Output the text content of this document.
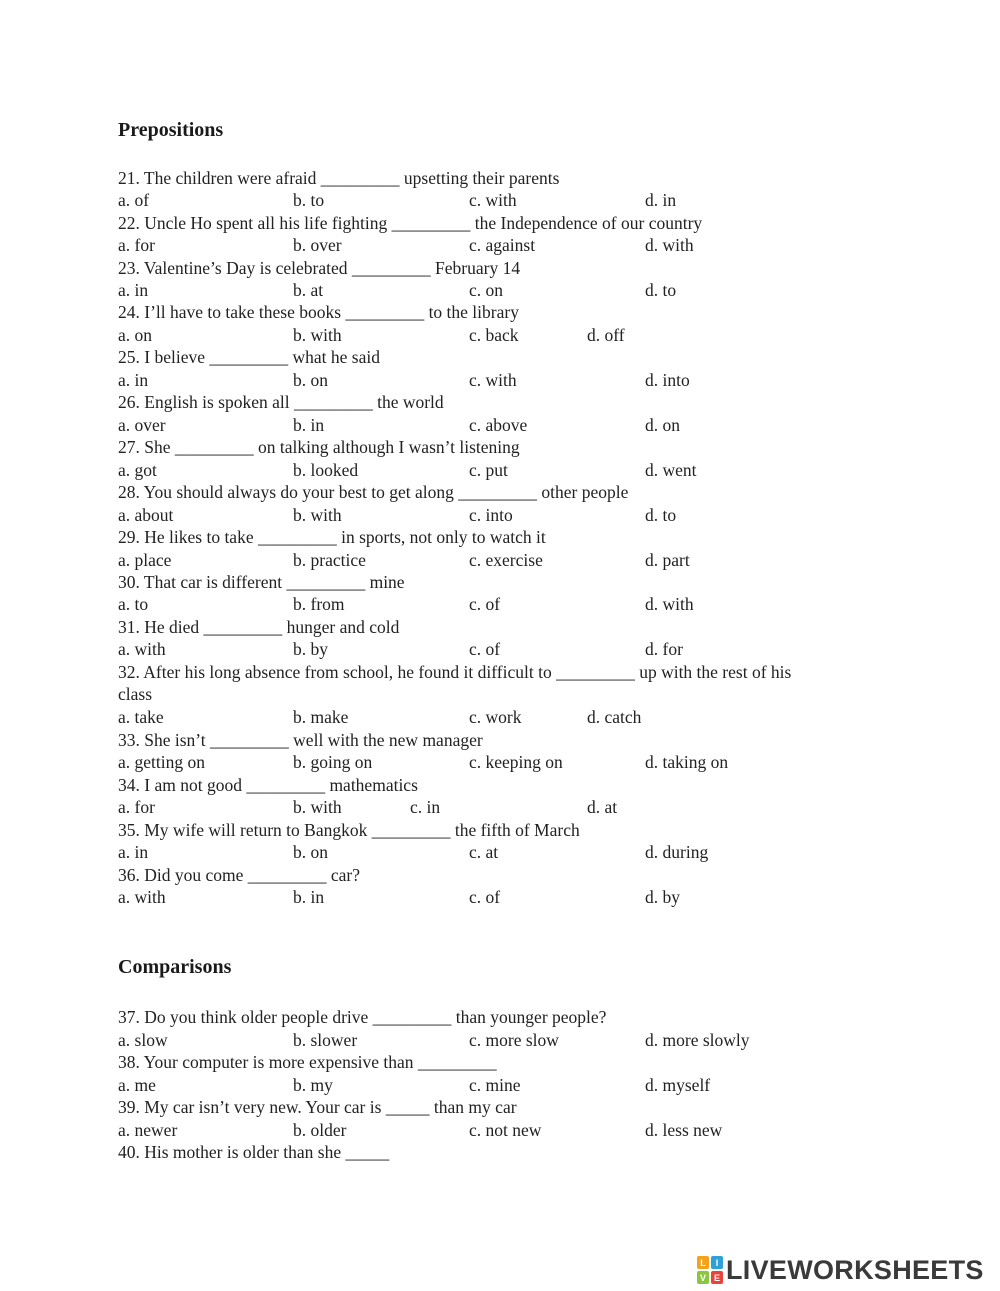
Prepositions
21. The children were afraid _________ upsetting their parents
a. of	b. to	c. with	d. in
22. Uncle Ho spent all his life fighting _________ the Independence of our country
a. for	b. over	c. against	d. with
23. Valentine’s Day is celebrated _________ February 14
a. in	b. at	c. on	d. to
24. I’ll have to take these books _________ to the library
a. on	b. with	c. back	d. off
25. I believe _________ what he said
a. in	b. on	c. with	d. into
26. English is spoken all _________ the world
a. over	b. in	c. above	d. on
27. She _________ on talking although I wasn’t listening
a. got	b. looked	c. put	d. went
28. You should always do your best to get along _________ other people
a. about	b. with	c. into	d. to
29. He likes to take _________ in sports, not only to watch it
a. place	b. practice	c. exercise	d. part
30. That car is different _________ mine
a. to	b. from	c. of	d. with
31. He died _________ hunger and cold
a. with	b. by	c. of	d. for
32. After his long absence from school, he found it difficult to _________ up with the rest of his
class
a. take	b. make	c. work	d. catch
33. She isn’t _________ well with the new manager
a. getting on	b. going on	c. keeping on	d. taking on
34. I am not good _________ mathematics
a. for	b. with	c. in	d. at
35. My wife will return to Bangkok _________ the fifth of March
a. in	b. on	c. at	d. during
36. Did you come _________ car?
a. with	b. in	c. of	d. by
Comparisons
37. Do you think older people drive _________ than younger people?
a. slow	b. slower	c. more slow	d. more slowly
38. Your computer is more expensive than _________
a. me	b. my	c. mine	d. myself
39. My car isn’t very new. Your car is _____ than my car
a. newer	b. older	c. not new	d. less new
40. His mother is older than she _____
L I
V E LIVEWORKSHEETS
